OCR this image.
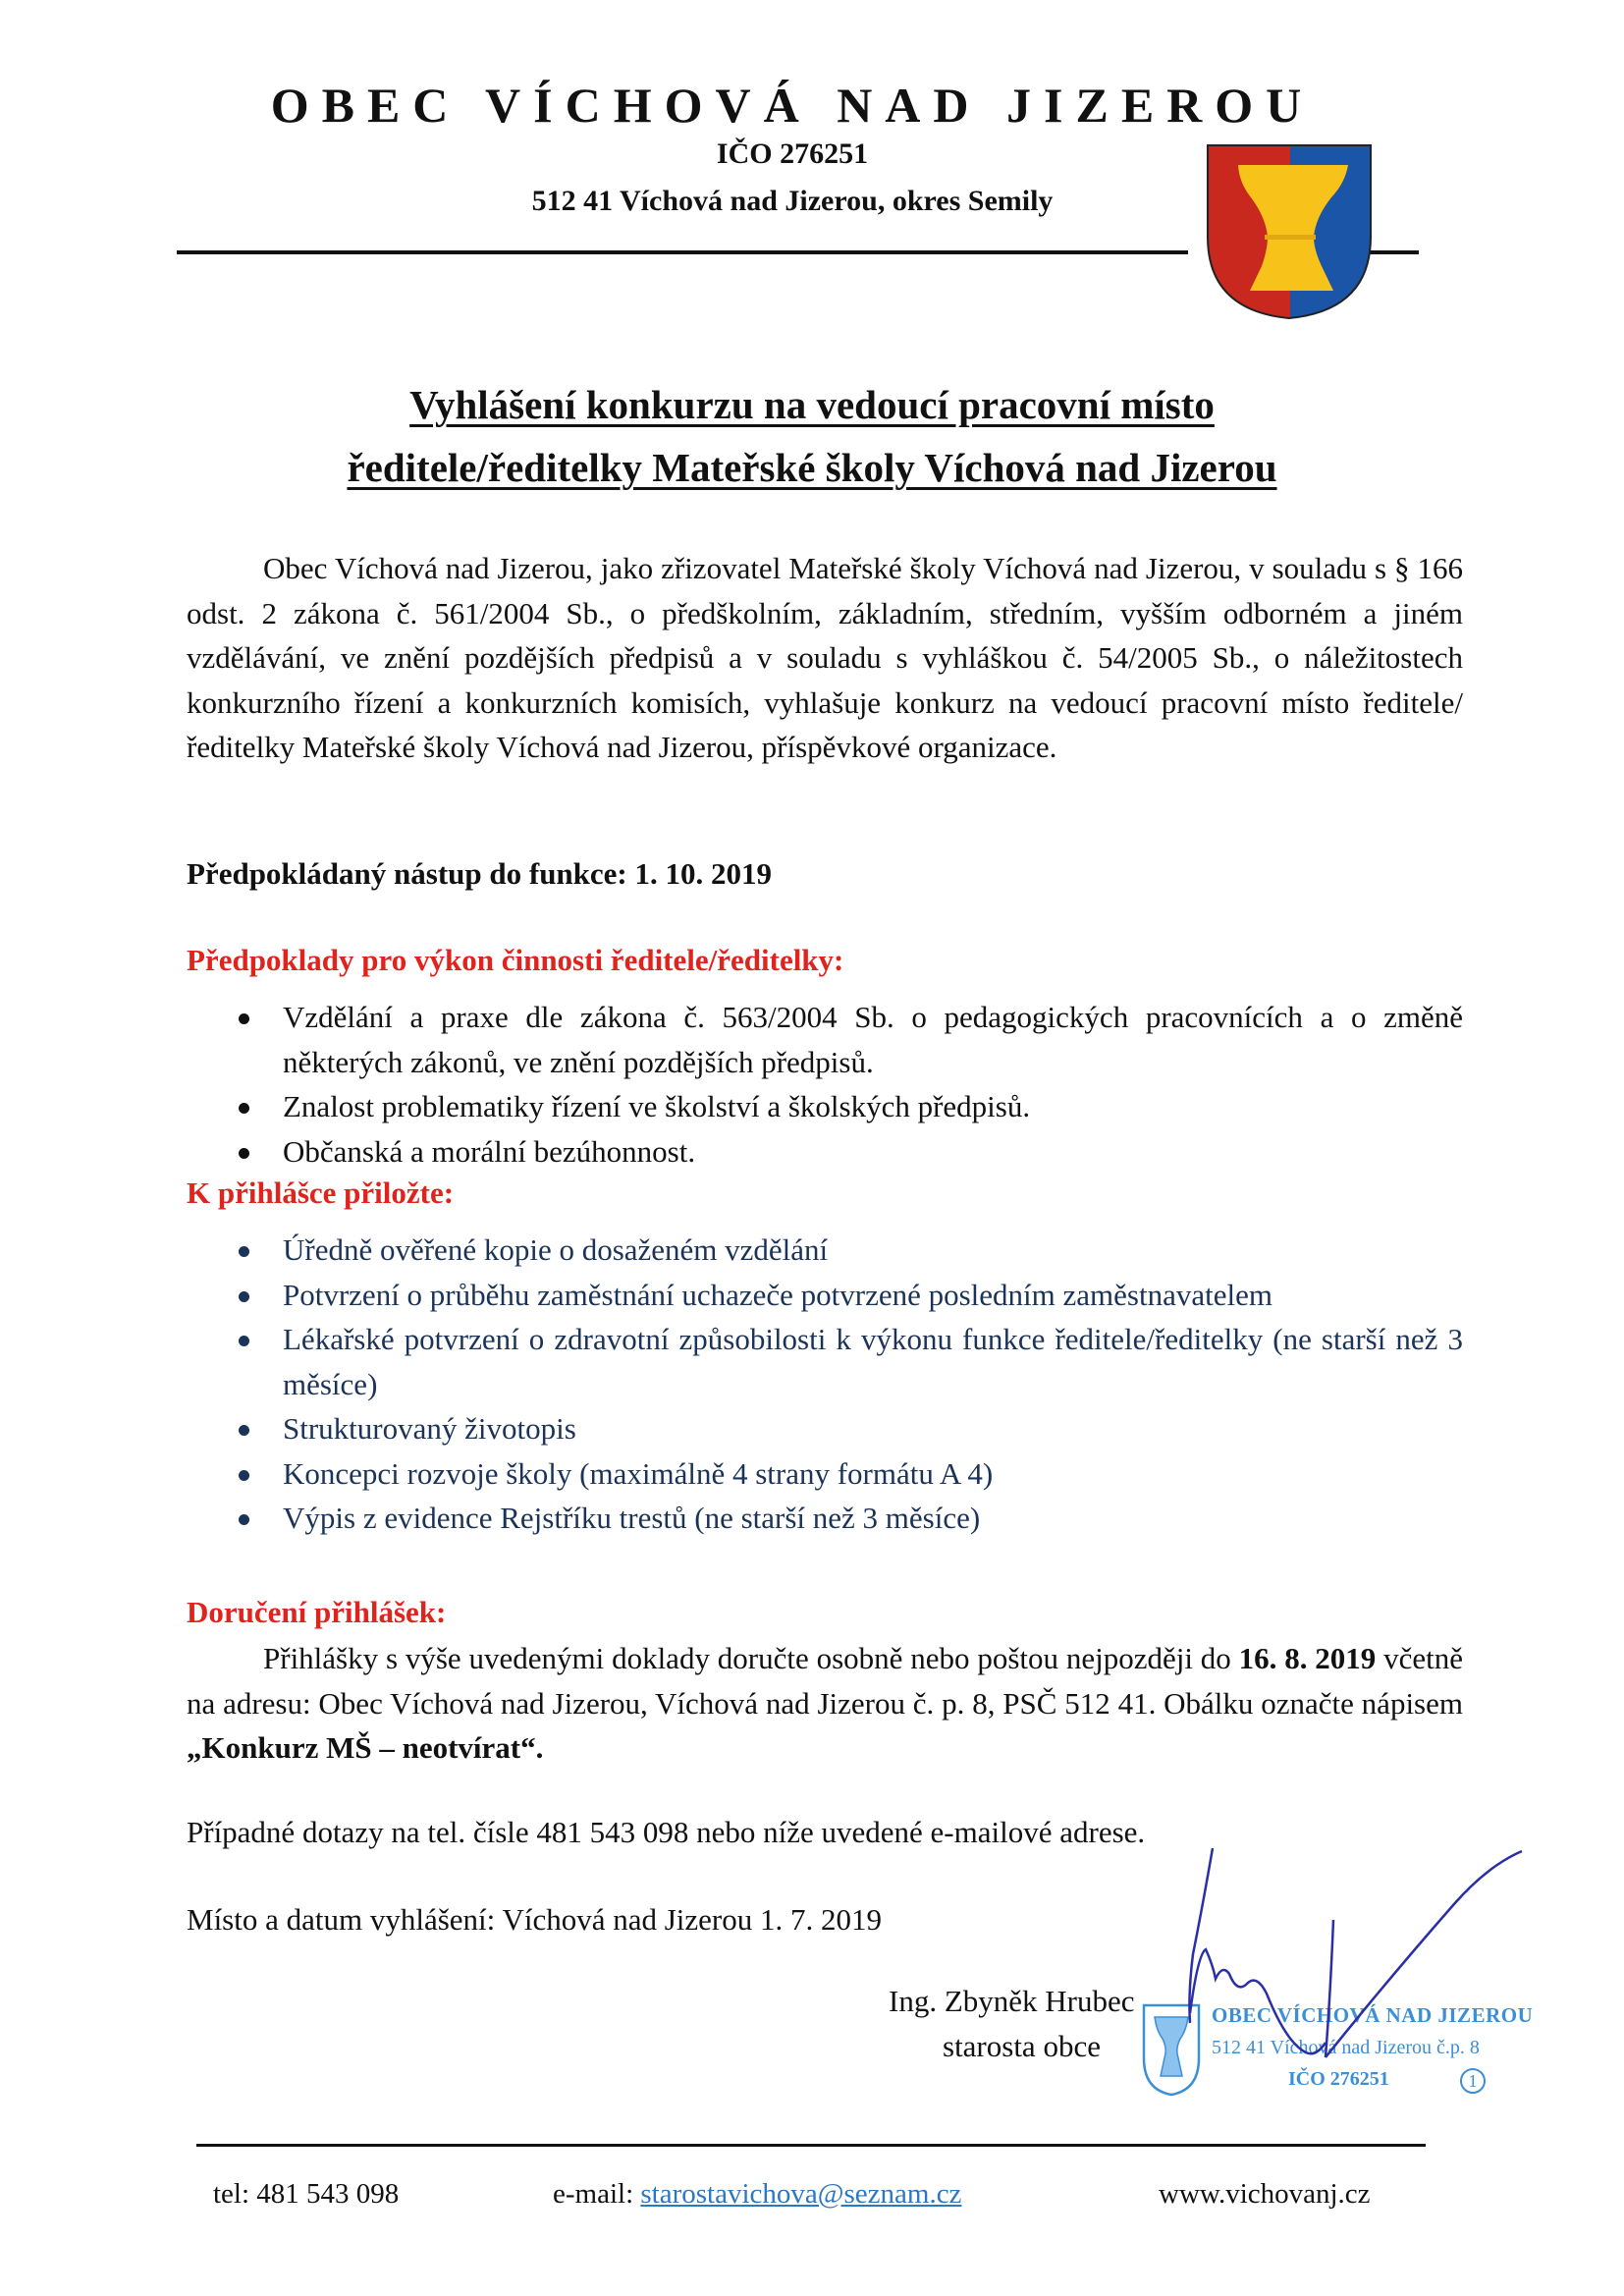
OBEC VÍCHOVÁ NAD JIZEROU
IČO 276251
512 41 Víchová nad Jizerou, okres Semily
Vyhlášení konkurzu na vedoucí pracovní místo
ředitele/ředitelky Mateřské školy Víchová nad Jizerou
Obec Víchová nad Jizerou, jako zřizovatel Mateřské školy Víchová nad Jizerou, v souladu s § 166 odst. 2 zákona č. 561/2004 Sb., o předškolním, základním, středním, vyšším odborném a jiném vzdělávání, ve znění pozdějších předpisů a v souladu s vyhláškou č. 54/2005 Sb., o náležitostech konkurzního řízení a konkurzních komisích, vyhlašuje konkurz na vedoucí pracovní místo ředitele/ředitelky Mateřské školy Víchová nad Jizerou, příspěvkové organizace.
Předpokládaný nástup do funkce: 1. 10. 2019
Předpoklady pro výkon činnosti ředitele/ředitelky:
Vzdělání a praxe dle zákona č. 563/2004 Sb. o pedagogických pracovnících a o změně některých zákonů, ve znění pozdějších předpisů.
Znalost problematiky řízení ve školství a školských předpisů.
Občanská a morální bezúhonnost.
K přihlášce přiložte:
Úředně ověřené kopie o dosaženém vzdělání
Potvrzení o průběhu zaměstnání uchazeče potvrzené posledním zaměstnavatelem
Lékařské potvrzení o zdravotní způsobilosti k výkonu funkce ředitele/ředitelky (ne starší než 3 měsíce)
Strukturovaný životopis
Koncepci rozvoje školy (maximálně 4 strany formátu A 4)
Výpis z evidence Rejstříku trestů (ne starší než 3 měsíce)
Doručení přihlášek:
Přihlášky s výše uvedenými doklady doručte osobně nebo poštou nejpozději do 16. 8. 2019 včetně na adresu: Obec Víchová nad Jizerou, Víchová nad Jizerou č. p. 8, PSČ 512 41. Obálku označte nápisem „Konkurz MŠ – neotvírat“.
Případné dotazy na tel. čísle 481 543 098 nebo níže uvedené e-mailové adrese.
Místo a datum vyhlášení: Víchová nad Jizerou 1. 7. 2019
Ing. Zbyněk Hrubec
starosta obce
OBEC VÍCHOVÁ NAD JIZEROU
512 41 Víchová nad Jizerou č.p. 8
IČO 276251	1
tel: 481 543 098	e-mail: starostavichova@seznam.cz	www.vichovanj.cz
